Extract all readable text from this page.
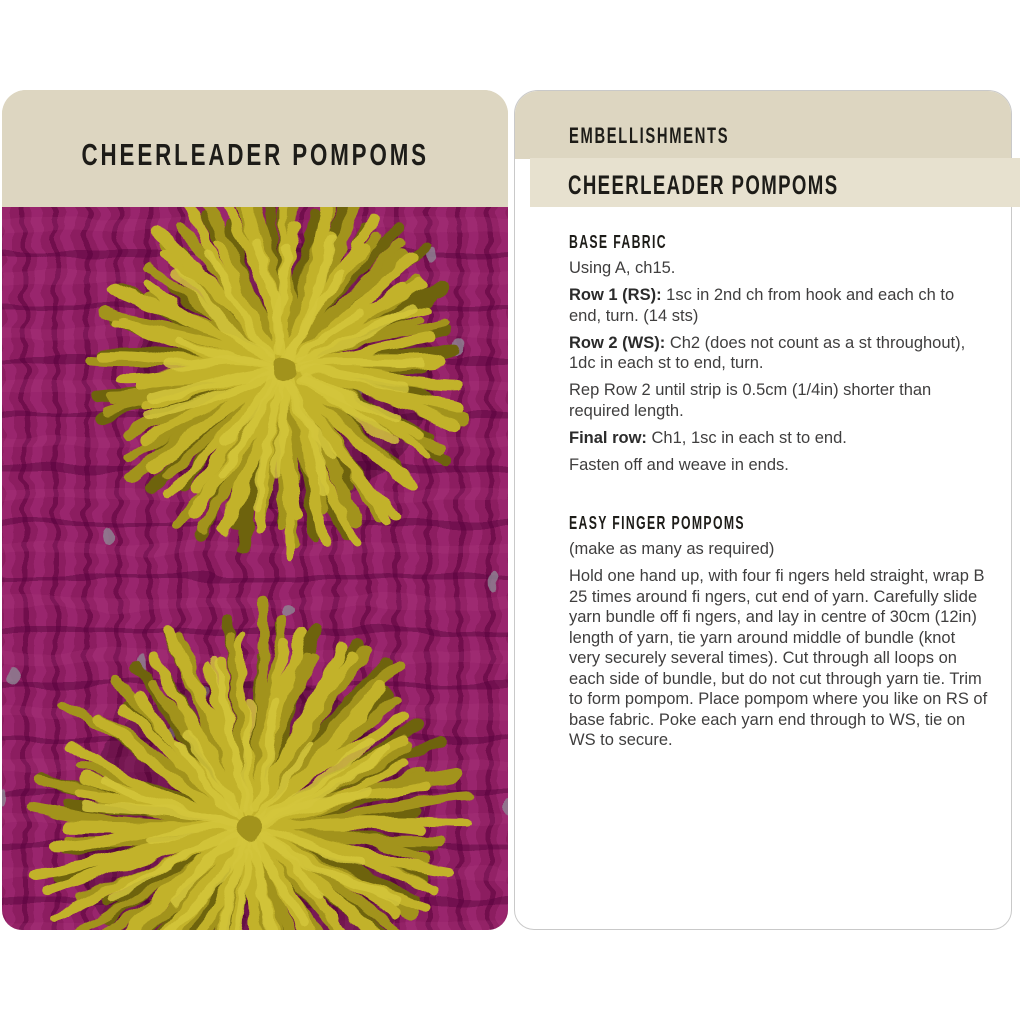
CHEERLEADER POMPOMS
EMBELLISHMENTS
BASE FABRIC

Using A, ch15.

Row 1 (RS): 1sc in 2nd ch from hook and each ch to end, turn. (14 sts)

Row 2 (WS): Ch2 (does not count as a st throughout), 1dc in each st to end, turn.

Rep Row 2 until strip is 0.5cm (1/4in) shorter than required length.

Final row: Ch1, 1sc in each st to end.

Fasten off and weave in ends.

EASY FINGER POMPOMS

(make as many as required)

Hold one hand up, with four fi ngers held straight, wrap B 25 times around fi ngers, cut end of yarn. Carefully slide yarn bundle off fi ngers, and lay in centre of 30cm (12in) length of yarn, tie yarn around middle of bundle (knot very securely several times). Cut through all loops on each side of bundle, but do not cut through yarn tie. Trim to form pompom. Place pompom where you like on RS of base fabric. Poke each yarn end through to WS, tie on WS to secure.

CHEERLEADER POMPOMS
